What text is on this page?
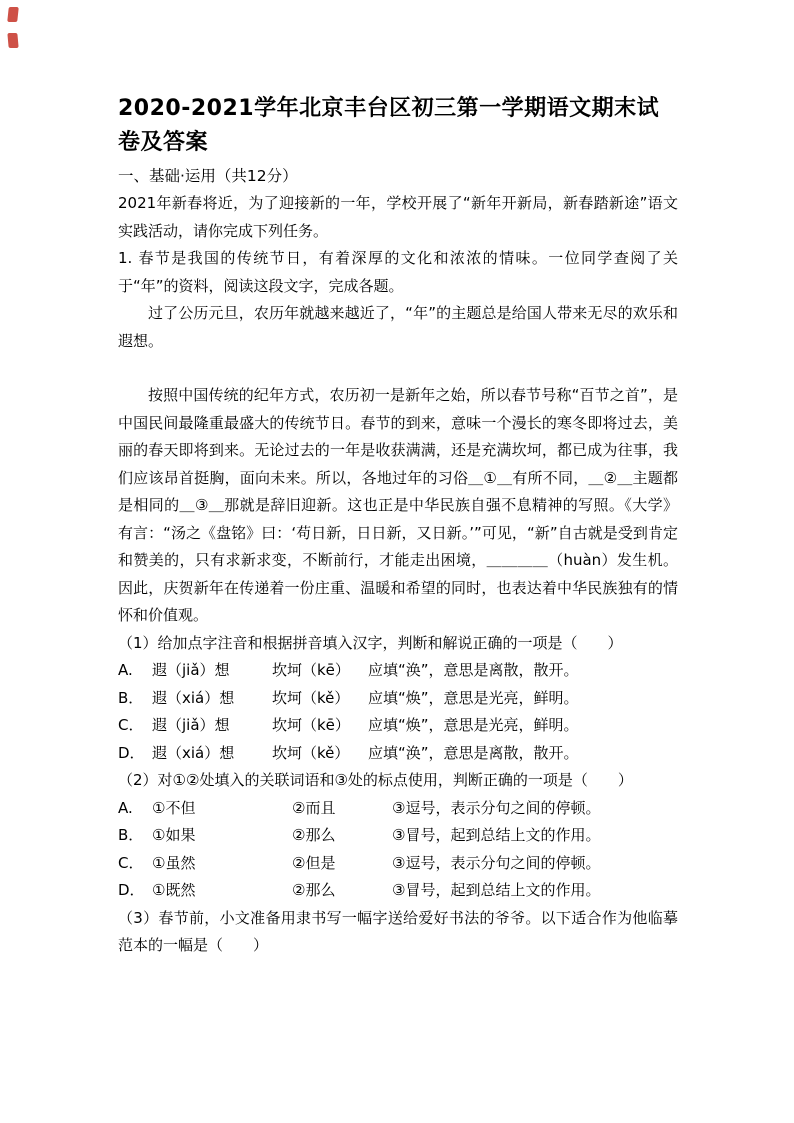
2020-2021学年北京丰台区初三第一学期语文期末试卷及答案
一、基础·运用（共12分）

2021年新春将近，为了迎接新的一年，学校开展了“新年开新局，新春踏新途”语文实践活动，请你完成下列任务。

1. 春节是我国的传统节日，有着深厚的文化和浓浓的情味。一位同学查阅了关于“年”的资料，阅读这段文字，完成各题。

过了公历元旦，农历年就越来越近了，“年”的主题总是给国人带来无尽的欢乐和遐想。

按照中国传统的纪年方式，农历初一是新年之始，所以春节号称“百节之首”，是中国民间最隆重最盛大的传统节日。春节的到来，意味一个漫长的寒冬即将过去，美丽的春天即将到来。无论过去的一年是收获满满，还是充满坎坷，都已成为往事，我们应该昂首挺胸，面向未来。所以，各地过年的习俗＿①＿有所不同，＿②＿主题都是相同的＿③＿那就是辞旧迎新。这也正是中华民族自强不息精神的写照。《大学》有言：“汤之《盘铭》曰：‘苟日新，日日新，又日新。’”可见，“新”自古就是受到肯定和赞美的，只有求新求变，不断前行，才能走出困境，＿＿＿＿（huàn）发生机。因此，庆贺新年在传递着一份庄重、温暖和希望的同时，也表达着中华民族独有的情怀和价值观。

（1）给加点字注音和根据拼音填入汉字，判断和解说正确的一项是（　　）

A.	遐（jiǎ）想	坎坷（kē）	应填“涣”，意思是离散，散开。
B． 遐（xiá）想	坎坷（kě）	应填“焕”，意思是光亮，鲜明。
C． 遐（jiǎ）想	坎坷（kē）	应填“焕”，意思是光亮，鲜明。
D． 遐（xiá）想	坎坷（kě）	应填“涣”，意思是离散，散开。

（2）对①②处填入的关联词语和③处的标点使用，判断正确的一项是（　　）

A.	①不但	②而且	③逗号，表示分句之间的停顿。
B． ①如果	②那么	③冒号，起到总结上文的作用。
C． ①虽然	②但是	③逗号，表示分句之间的停顿。
D． ①既然	②那么	③冒号，起到总结上文的作用。

（3）春节前，小文准备用隶书写一幅字送给爱好书法的爷爷。以下适合作为他临摹范本的一幅是（　　）
